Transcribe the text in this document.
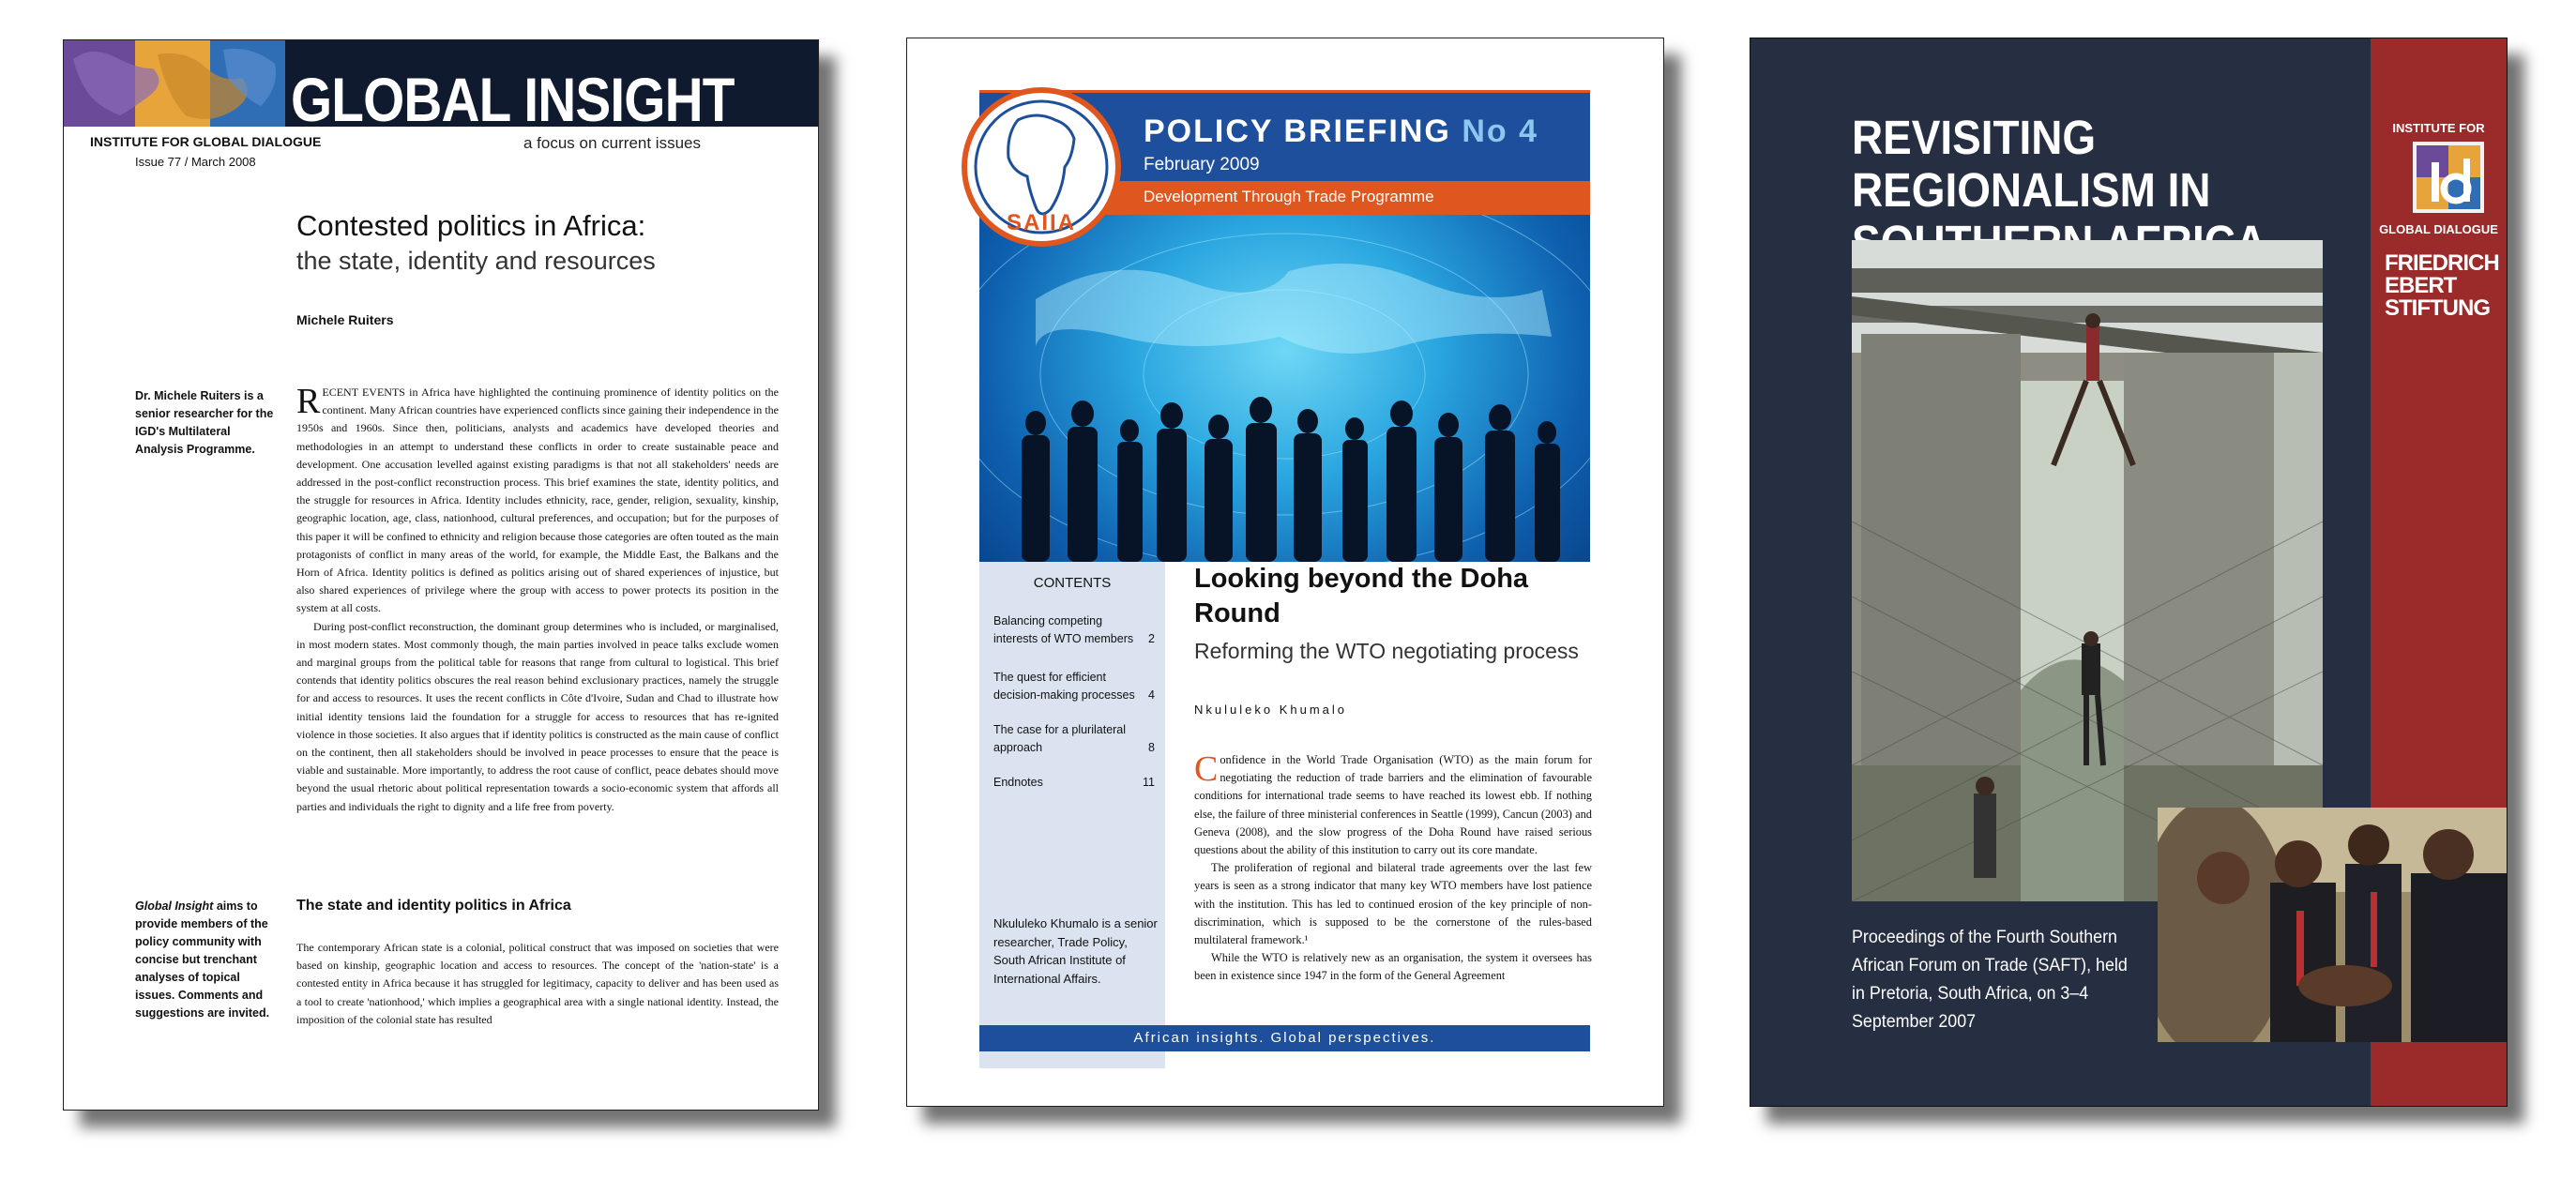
GLOBAL INSIGHT
INSTITUTE FOR GLOBAL DIALOGUE
Issue 77 / March 2008
a focus on current issues
Contested politics in Africa:
the state, identity and resources
Michele Ruiters
Dr. Michele Ruiters is a senior researcher for the IGD's Multilateral Analysis Programme.

RECENT EVENTS in Africa have highlighted the continuing prominence of identity politics on the continent. Many African countries have experienced conflicts since gaining their independence in the 1950s and 1960s. Since then, politicians, analysts and academics have developed theories and methodologies in an attempt to understand these conflicts in order to create sustainable peace and development. One accusation levelled against existing paradigms is that not all stakeholders' needs are addressed in the post-conflict reconstruction process. This brief examines the state, identity politics, and the struggle for resources in Africa. Identity includes ethnicity, race, gender, religion, sexuality, kinship, geographic location, age, class, nationhood, cultural preferences, and occupation; but for the purposes of this paper it will be confined to ethnicity and religion because those categories are often touted as the main protagonists of conflict in many areas of the world, for example, the Middle East, the Balkans and the Horn of Africa. Identity politics is defined as politics arising out of shared experiences of injustice, but also shared experiences of privilege where the group with access to power protects its position in the system at all costs.

During post-conflict reconstruction, the dominant group determines who is included, or marginalised, in most modern states. Most commonly though, the main parties involved in peace talks exclude women and marginal groups from the political table for reasons that range from cultural to logistical. This brief contends that identity politics obscures the real reason behind exclusionary practices, namely the struggle for and access to resources. It uses the recent conflicts in Côte d'Ivoire, Sudan and Chad to illustrate how initial identity tensions laid the foundation for a struggle for access to resources that has re-ignited violence in those societies. It also argues that if identity politics is constructed as the main cause of conflict on the continent, then all stakeholders should be involved in peace processes to ensure that the peace is viable and sustainable. More importantly, to address the root cause of conflict, peace debates should move beyond the usual rhetoric about political representation towards a socio-economic system that affords all parties and individuals the right to dignity and a life free from poverty.

Global Insight aims to provide members of the policy community with concise but trenchant analyses of topical issues. Comments and suggestions are invited.
The state and identity politics in Africa
The contemporary African state is a colonial, political construct that was imposed on societies that were based on kinship, geographic location and access to resources. The concept of the 'nation-state' is a contested entity in Africa because it has struggled for legitimacy, capacity to deliver and has been used as a tool to create 'nationhood,' which implies a geographical area with a single national identity. Instead, the imposition of the colonial state has resulted
POLICY BRIEFING No 4
February 2009
Development Through Trade Programme
SAIIA
CONTENTS
Balancing competing interests of WTO members 2
The quest for efficient decision-making processes	4
The case for a plurilateral approach	8
Endnotes	11
Nkululeko Khumalo is a senior researcher, Trade Policy, South African Institute of International Affairs.
Looking beyond the Doha Round
Reforming the WTO negotiating process
Nkululeko Khumalo

Confidence in the World Trade Organisation (WTO) as the main forum for negotiating the reduction of trade barriers and the elimination of favourable conditions for international trade seems to have reached its lowest ebb. If nothing else, the failure of three ministerial conferences in Seattle (1999), Cancun (2003) and Geneva (2008), and the slow progress of the Doha Round have raised serious questions about the ability of this institution to carry out its core mandate.

The proliferation of regional and bilateral trade agreements over the last few years is seen as a strong indicator that many key WTO members have lost patience with the institution. This has led to continued erosion of the key principle of non-discrimination, which is supposed to be the cornerstone of the rules-based multilateral framework.¹

While the WTO is relatively new as an organisation, the system it oversees has been in existence since 1947 in the form of the General Agreement

African insights. Global perspectives.
REVISITING REGIONALISM IN
INSTITUTE FOR
GLOBAL DIALOGUE
FRIEDRICH EBERT STIFTUNG
Proceedings of the Fourth Southern African Forum on Trade (SAFT), held in Pretoria, South Africa, on 3–4 September 2007
